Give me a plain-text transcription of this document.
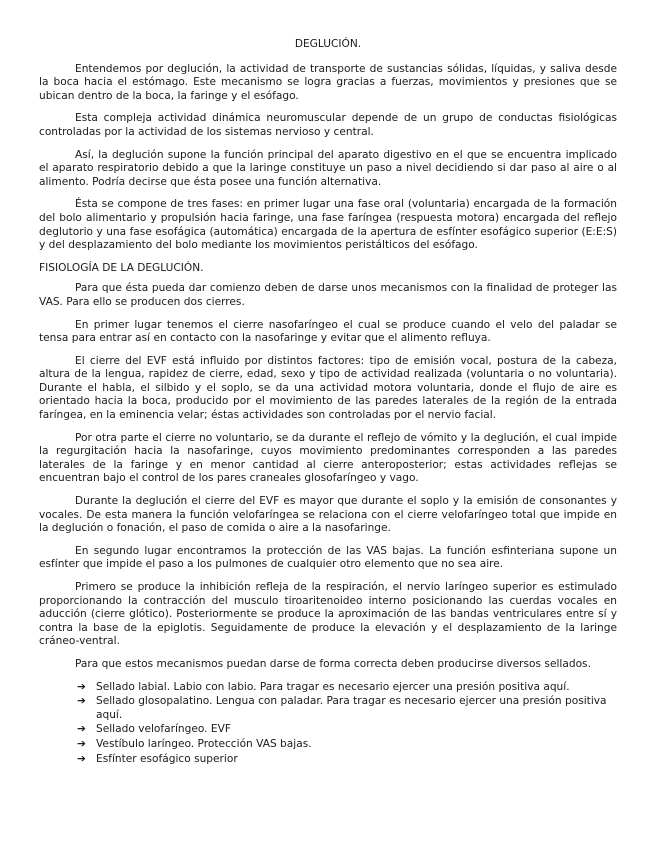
DEGLUCIÓN.

Entendemos por deglución, la actividad de transporte de sustancias sólidas, líquidas, y saliva desde la boca hacia el estómago. Este mecanismo se logra gracias a fuerzas, movimientos y presiones que se ubican dentro de la boca, la faringe y el esófago.

Esta compleja actividad dinámica neuromuscular depende de un grupo de conductas fisiológicas controladas por la actividad de los sistemas nervioso y central.

Así, la deglución supone la función principal del aparato digestivo en el que se encuentra implicado el aparato respiratorio debido a que la laringe constituye un paso a nivel decidiendo si dar paso al aire o al alimento. Podría decirse que ésta posee una función alternativa.

Ésta se compone de tres fases: en primer lugar una fase oral (voluntaria) encargada de la formación del bolo alimentario y propulsión hacia faringe, una fase faríngea (respuesta motora) encargada del reflejo deglutorio y una fase esofágica (automática) encargada de la apertura de esfínter esofágico superior (E:E:S) y del desplazamiento del bolo mediante los movimientos peristálticos del esófago.

FISIOLOGÍA DE LA DEGLUCIÓN.

Para que ésta pueda dar comienzo deben de darse unos mecanismos con la finalidad de proteger las VAS. Para ello se producen dos cierres.

En primer lugar tenemos el cierre nasofaríngeo el cual se produce cuando el velo del paladar se tensa para entrar así en contacto con la nasofaringe y evitar que el alimento refluya.

El cierre del EVF está influido por distintos factores: tipo de emisión vocal, postura de la cabeza, altura de la lengua, rapidez de cierre, edad, sexo y tipo de actividad realizada (voluntaria o no voluntaria). Durante el habla, el silbido y el soplo, se da una actividad motora voluntaria, donde el flujo de aire es orientado hacia la boca, producido por el movimiento de las paredes laterales de la región de la entrada faríngea, en la eminencia velar; éstas actividades son controladas por el nervio facial.

Por otra parte el cierre no voluntario, se da durante el reflejo de vómito y la deglución, el cual impide la regurgitación hacia la nasofaringe, cuyos movimiento predominantes corresponden a las paredes laterales de la faringe y en menor cantidad al cierre anteroposterior; estas actividades reflejas se encuentran bajo el control de los pares craneales glosofaríngeo y vago.

Durante la deglución el cierre del EVF es mayor que durante el soplo y la emisión de consonantes y vocales. De esta manera la función velofaríngea se relaciona con el cierre velofaríngeo total que impide en la deglución o fonación, el paso de comida o aire a la nasofaringe.

En segundo lugar encontramos la protección de las VAS bajas. La función esfinteriana supone un esfínter que impide el paso a los pulmones de cualquier otro elemento que no sea aire.

Primero se produce la inhibición refleja de la respiración, el nervio laríngeo superior es estimulado proporcionando la contracción del musculo tiroaritenoideo interno posicionando las cuerdas vocales en aducción (cierre glótico). Posteriormente se produce la aproximación de las bandas ventriculares entre sí y contra la base de la epiglotis. Seguidamente de produce la elevación y el desplazamiento de la laringe cráneo-ventral.

Para que estos mecanismos puedan darse de forma correcta deben producirse diversos sellados.

➔ Sellado labial. Labio con labio. Para tragar es necesario ejercer una presión positiva aquí.
➔ Sellado glosopalatino. Lengua con paladar. Para tragar es necesario ejercer una presión positiva aquí.
➔ Sellado velofaríngeo. EVF
➔ Vestíbulo laríngeo. Protección VAS bajas.
➔ Esfínter esofágico superior
